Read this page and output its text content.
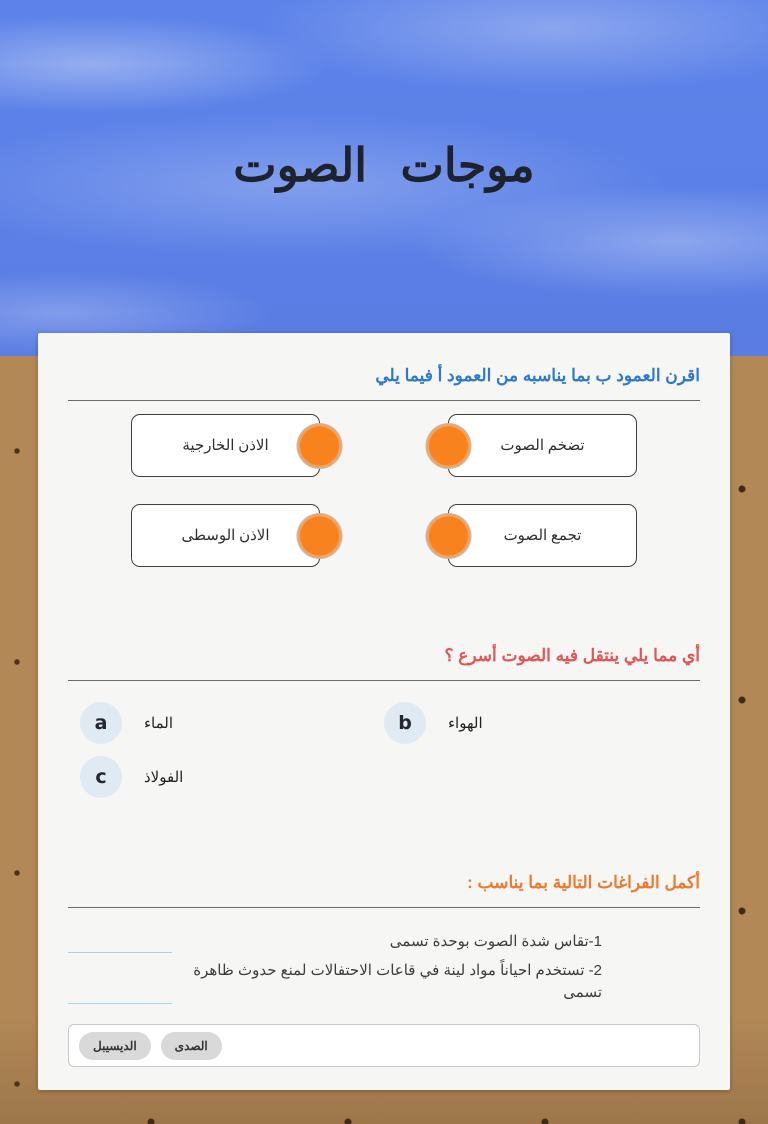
موجات الصوت
اقرن العمود ب بما يناسبه من العمود أ فيما يلي
تضخم الصوت
الاذن الخارجية
تجمع الصوت
الاذن الوسطى
أي مما يلي ينتقل فيه الصوت أسرع ؟
a	الماء	b	الهواء
c	الفولاذ
أكمل الفراغات التالية بما يناسب :
1-تقاس شدة الصوت بوحدة تسمى
2- تستخدم احياناً مواد لينة في قاعات الاحتفالات لمنع حدوث ظاهرة تسمى
الديسيبل	الصدى
